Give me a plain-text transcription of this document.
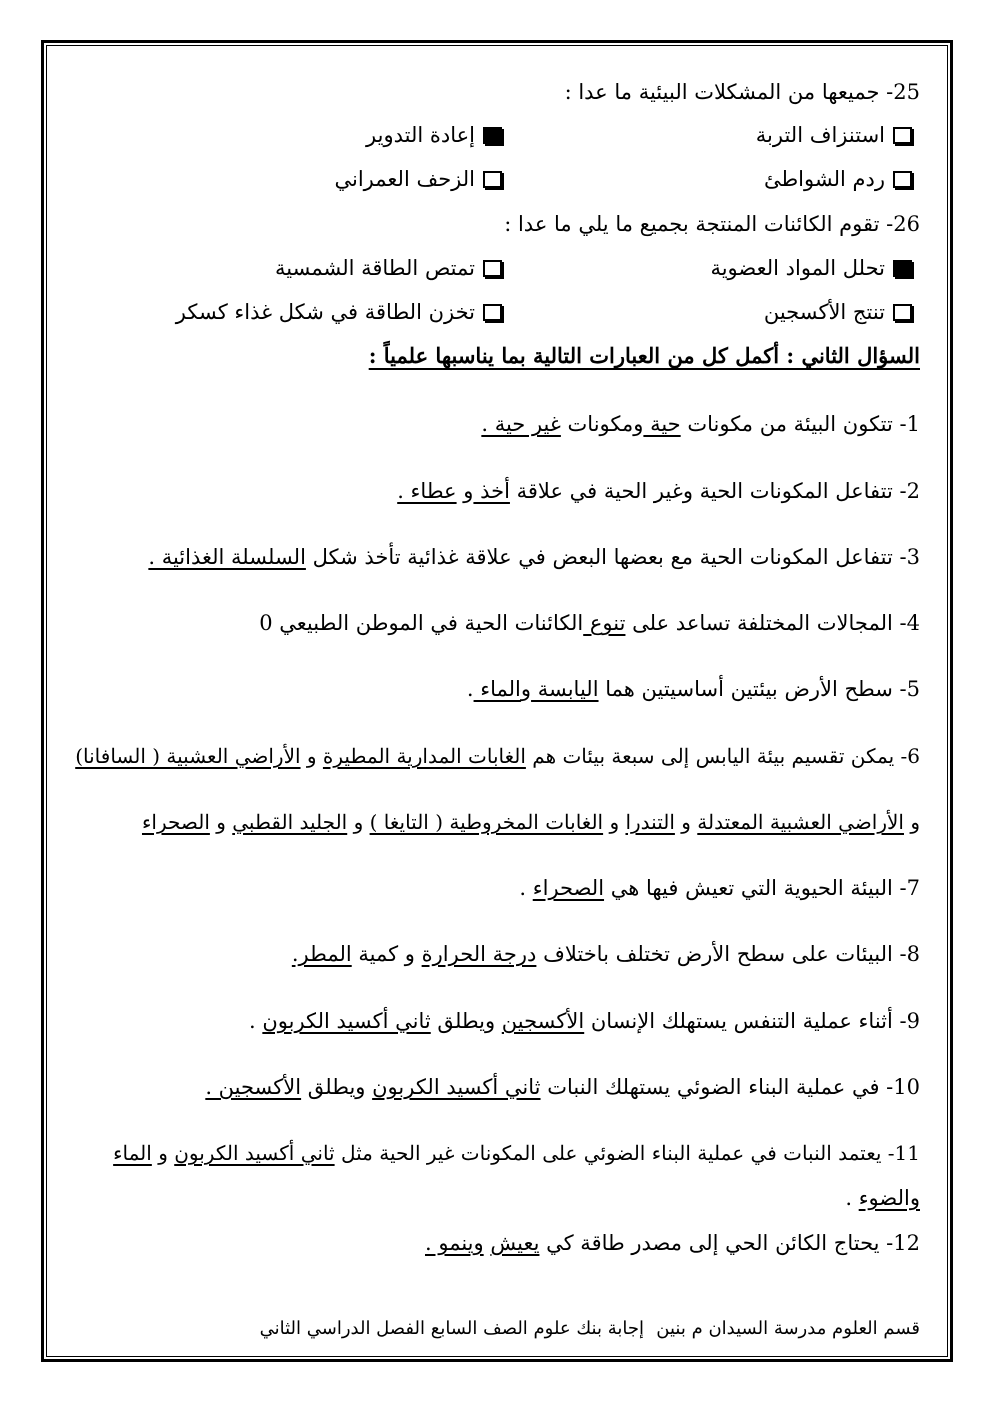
25- جميعها من المشكلات البيئية ما عدا :
استنزاف التربة
إعادة التدوير
ردم الشواطئ
الزحف العمراني
26- تقوم الكائنات المنتجة بجميع ما يلي ما عدا :
تحلل المواد العضوية
تمتص الطاقة الشمسية
تنتج الأكسجين
تخزن الطاقة في شكل غذاء كسكر
السؤال الثاني : أكمل كل من العبارات التالية بما يناسبها علمياً :
1- تتكون البيئة من مكونات حية ومكونات غير حية .
2- تتفاعل المكونات الحية وغير الحية في علاقة أخذ و عطاء .
3- تتفاعل المكونات الحية مع بعضها البعض في علاقة غذائية تأخذ شكل السلسلة الغذائية .
4- المجالات المختلفة تساعد على تنوع الكائنات الحية في الموطن الطبيعي 0
5- سطح الأرض بيئتين أساسيتين هما اليابسة والماء .
6- يمكن تقسيم بيئة اليابس إلى سبعة بيئات هم الغابات المدارية المطيرة و الأراضي العشبية ( السافانا)
و الأراضي العشبية المعتدلة و التندرا و الغابات المخروطية ( التايغا ) و الجليد القطبي و الصحراء
7- البيئة الحيوية التي تعيش فيها هي الصحراء .
8- البيئات على سطح الأرض تختلف باختلاف درجة الحرارة و كمية المطر.
9- أثناء عملية التنفس يستهلك الإنسان الأكسجين ويطلق ثاني أكسيد الكربون .
10- في عملية البناء الضوئي يستهلك النبات ثاني أكسيد الكربون ويطلق الأكسجين .
11- يعتمد النبات في عملية البناء الضوئي على المكونات غير الحية مثل ثاني أكسيد الكربون و الماء
والضوء .
12- يحتاج الكائن الحي إلى مصدر طاقة كي يعيش وينمو .
قسم العلوم مدرسة السيدان م بنين
إجابة بنك علوم الصف السابع الفصل الدراسي الثاني
